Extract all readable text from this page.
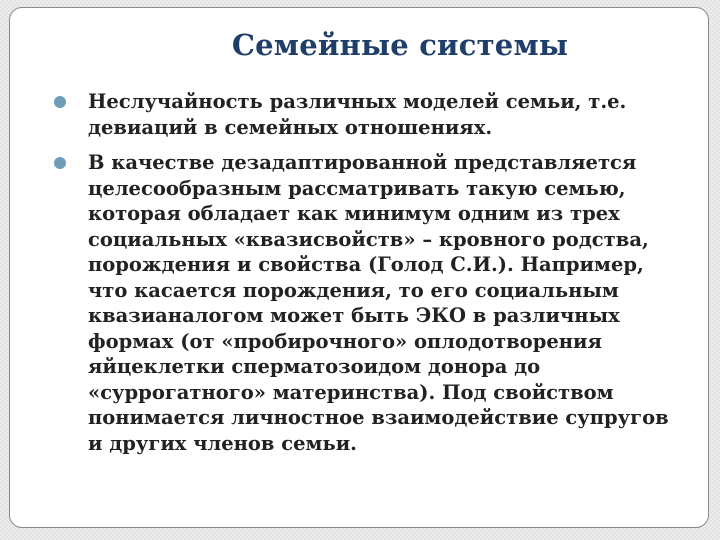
Семейные системы
Неслучайность различных моделей семьи, т.е. девиаций в семейных отношениях.
В качестве дезадаптированной представляется целесообразным рассматривать такую семью, которая обладает как минимум одним из трех социальных «квазисвойств» – кровного родства, порождения и свойства (Голод С.И.). Например, что касается порождения, то его социальным квазианалогом может быть ЭКО в различных формах (от «пробирочного» оплодотворения яйцеклетки сперматозоидом донора до «суррогатного» материнства). Под свойством понимается личностное взаимодействие супругов и других членов семьи.
